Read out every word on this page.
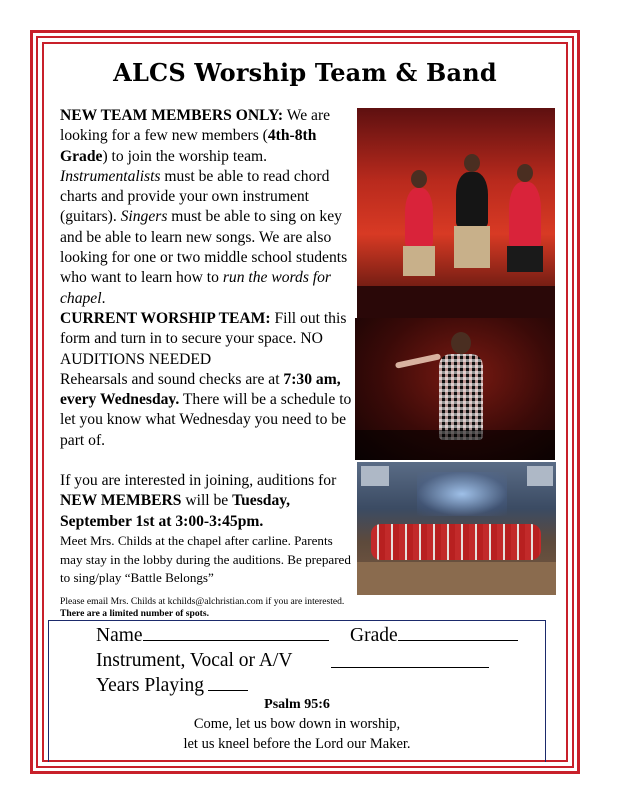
ALCS Worship Team & Band

NEW TEAM MEMBERS ONLY: We are looking for a few new members (4th-8th Grade) to join the worship team. Instrumentalists must be able to read chord charts and provide your own instrument (guitars). Singers must be able to sing on key and be able to learn new songs. We are also looking for one or two middle school students who want to learn how to run the words for chapel.

CURRENT WORSHIP TEAM: Fill out this form and turn in to secure your space. NO AUDITIONS NEEDED

Rehearsals and sound checks are at 7:30 am, every Wednesday. There will be a schedule to let you know what Wednesday you need to be part of.

If you are interested in joining, auditions for NEW MEMBERS will be Tuesday, September 1st at 3:00-3:45pm.

Meet Mrs. Childs at the chapel after carline. Parents may stay in the lobby during the auditions. Be prepared to sing/play “Battle Belongs”

Please email Mrs. Childs at kchilds@alchristian.com if you are interested. There are a limited number of spots.

Name	Grade
Instrument, Vocal or A/V
Years Playing
Psalm 95:6
Come, let us bow down in worship,
let us kneel before the Lord our Maker.
